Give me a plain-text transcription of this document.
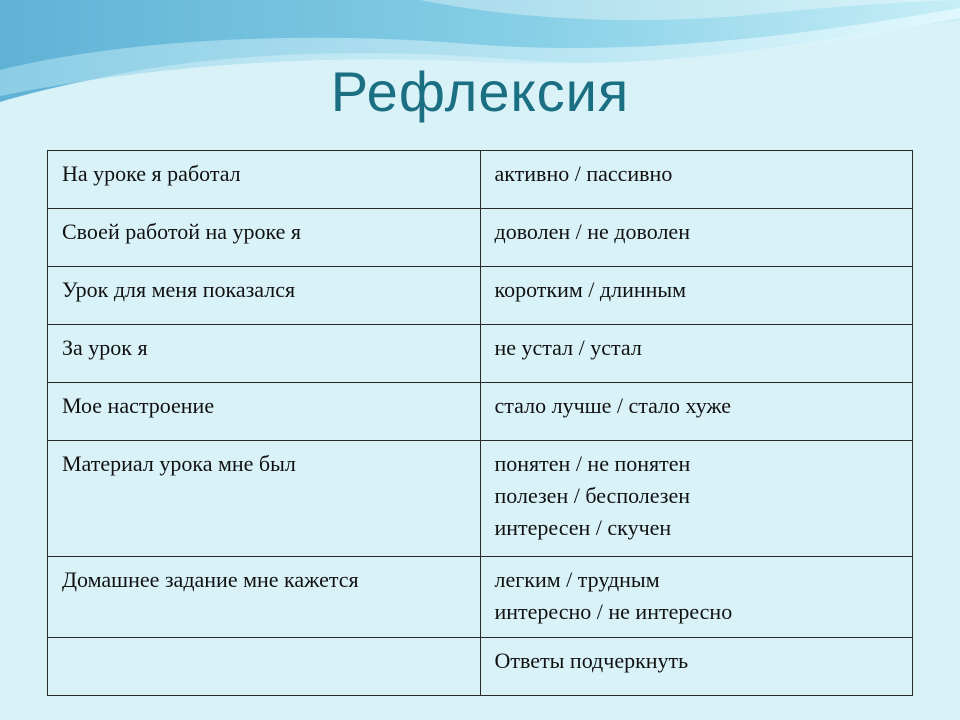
Рефлексия
На уроке я работал	активно / пассивно

Своей работой на уроке я	доволен / не доволен

Урок для меня показался	коротким / длинным

За урок я	не устал / устал

Мое настроение	стало лучше / стало хуже

Материал урока мне был	понятен / не понятен
полезен / бесполезен
интересен / скучен

Домашнее задание мне кажется	легким / трудным
интересно / не интересно

	Ответы подчеркнуть
